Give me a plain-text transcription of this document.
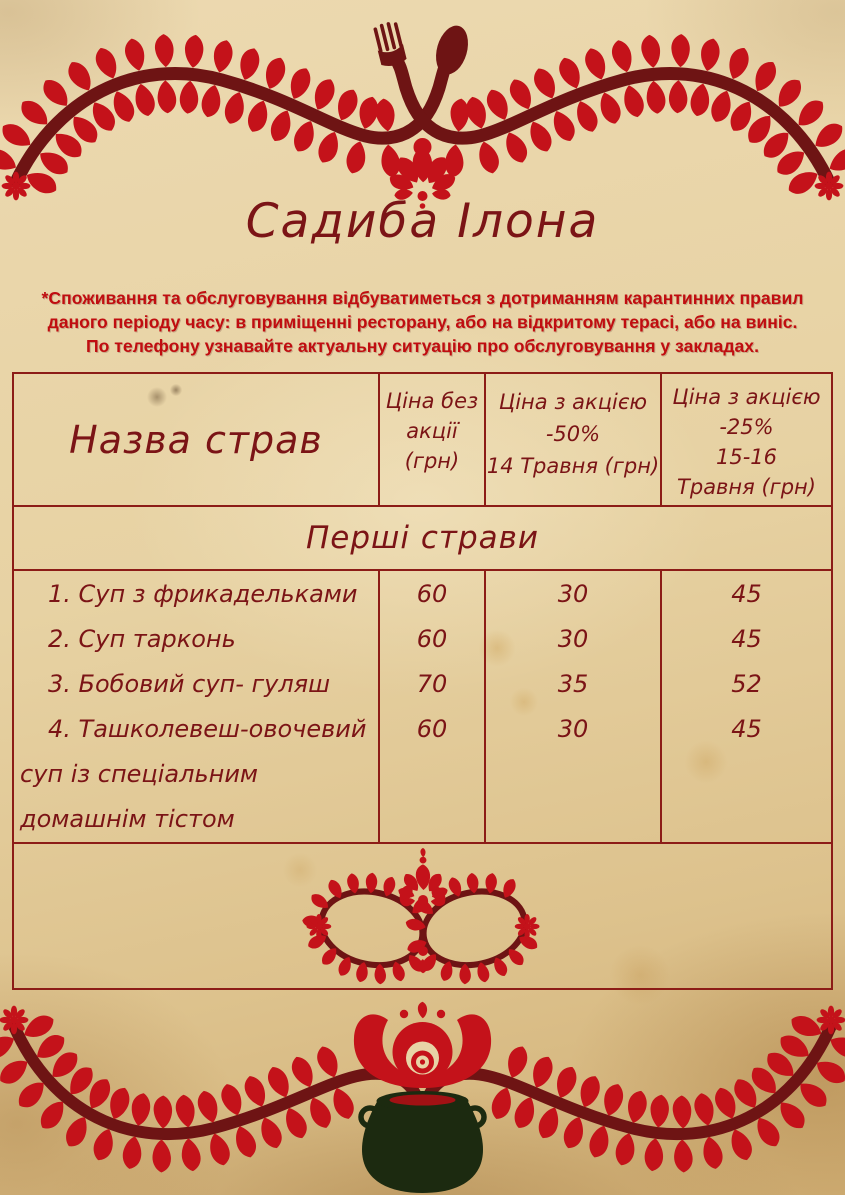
Садиба Ілона
*Споживання та обслуговування відбуватиметься з дотриманням карантинних правил
даного періоду часу: в приміщенні ресторану, або на відкритому терасі, або на виніс.
По телефону узнавайте актуальну ситуацію про обслуговування у закладах.
Назва страв
Ціна без
акції
(грн)
Ціна з акцією
-50%
14 Травня (грн)
Ціна з акцією
-25%
15-16
Травня (грн)
Перші страви
1. Суп з фрикадельками
2. Суп тарконь
3. Бобовий суп- гуляш
4. Ташколевеш-овочевий
суп із спеціальним
домашнім тістом
60
60
70
60
30
30
35
30
45
45
52
45
